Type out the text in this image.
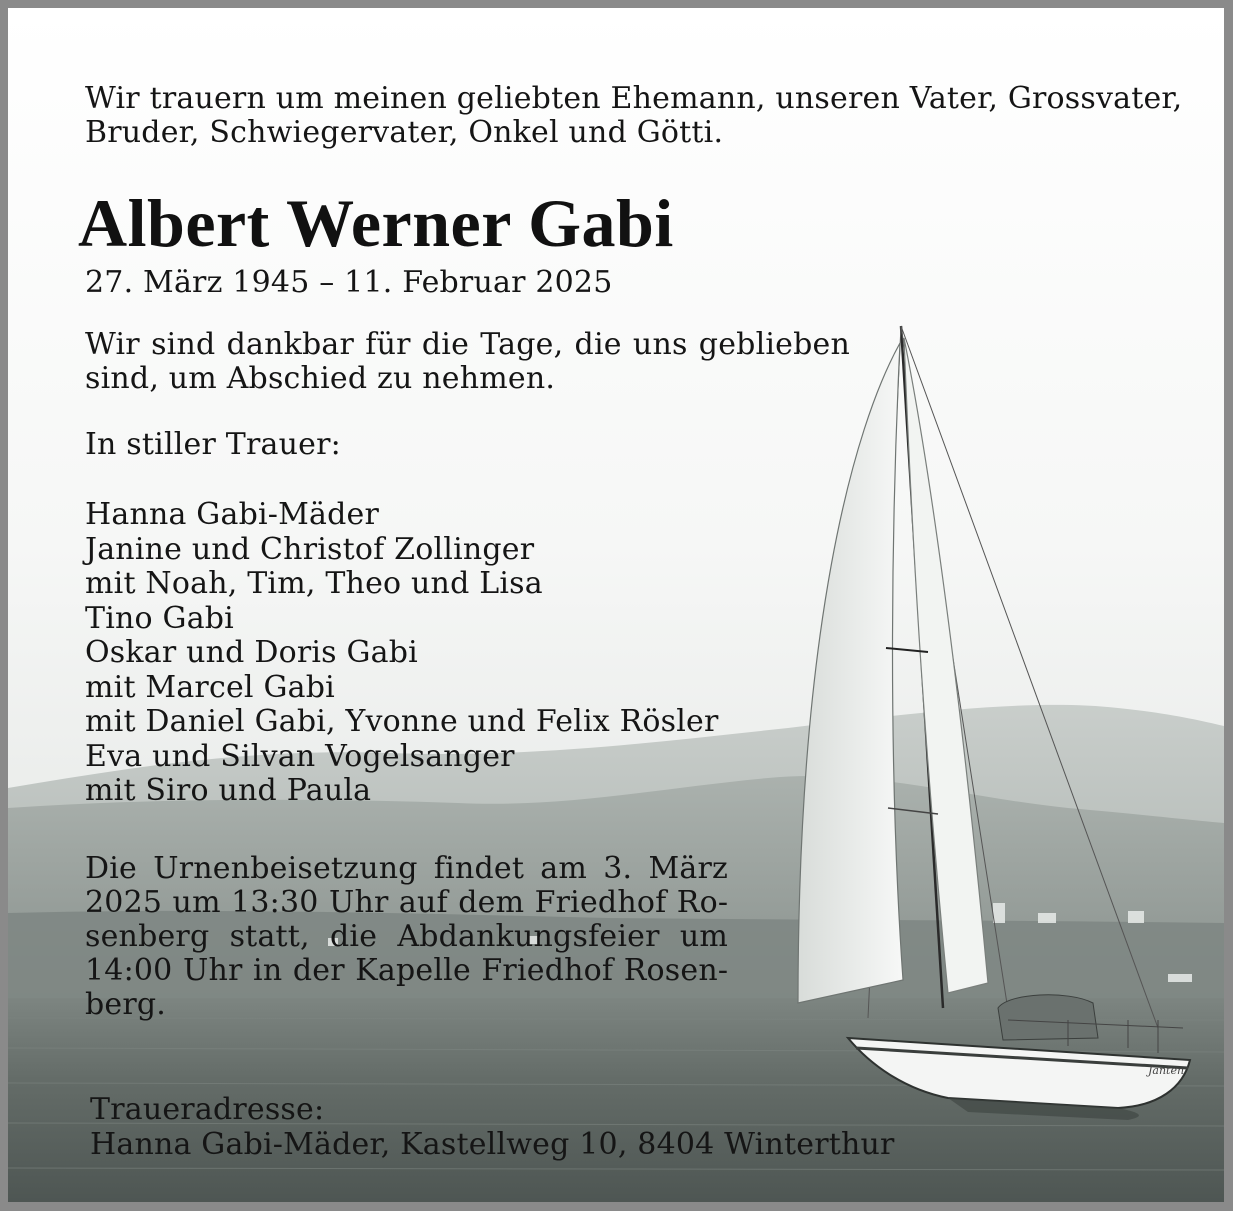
Janten
Wir trauern um meinen geliebten Ehemann, unseren Vater, Grossvater, Bruder, Schwiegervater, Onkel und Götti.
Albert Werner Gabi
27. März 1945 – 11. Februar 2025
Wir sind dankbar für die Tage, die uns geblieben sind, um Abschied zu nehmen.
In stiller Trauer:
Hanna Gabi-Mäder
Janine und Christof Zollinger
mit Noah, Tim, Theo und Lisa
Tino Gabi
Oskar und Doris Gabi
mit Marcel Gabi
mit Daniel Gabi, Yvonne und Felix Rösler
Eva und Silvan Vogelsanger
mit Siro und Paula
Die Urnenbeisetzung findet am 3. März 2025 um 13:30 Uhr auf dem Friedhof Rosenberg statt, die Abdankungsfeier um 14:00 Uhr in der Kapelle Friedhof Rosenberg.
Traueradresse:
Hanna Gabi-Mäder, Kastellweg 10, 8404 Winterthur
